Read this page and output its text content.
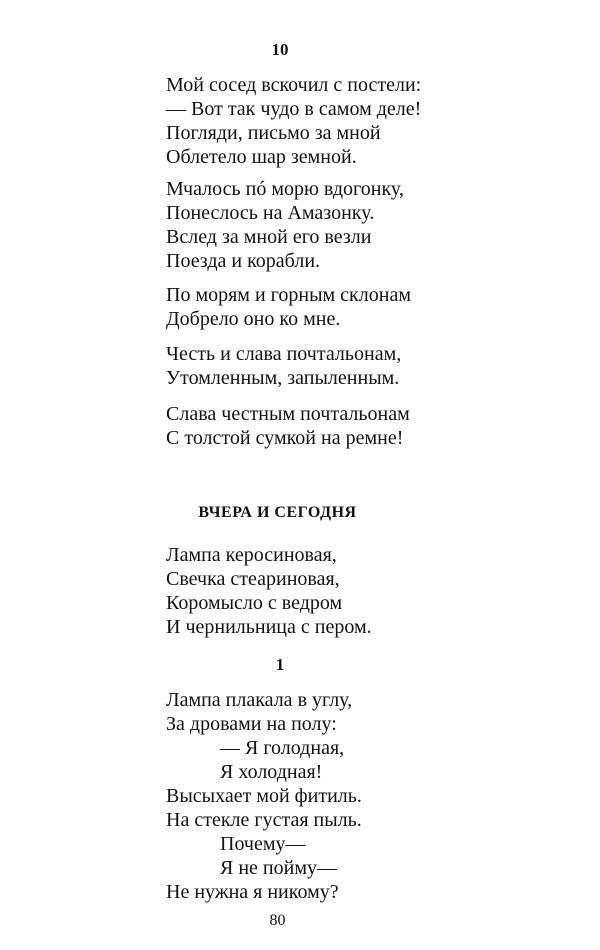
10
Мой сосед вскочил с постели:
— Вот так чудо в самом деле!
Погляди, письмо за мной
Облетело шар земной.
Мчалось пó морю вдогонку,
Понеслось на Амазонку.
Вслед за мной его везли
Поезда и корабли.
По морям и горным склонам
Добрело оно ко мне.
Честь и слава почтальонам,
Утомленным, запыленным.
Слава честным почтальонам
С толстой сумкой на ремне!
ВЧЕРА И СЕГОДНЯ
Лампа керосиновая,
Свечка стеариновая,
Коромысло с ведром
И чернильница с пером.
1
Лампа плакала в углу,
За дровами на полу:
— Я голодная,
Я холодная!
Высыхает мой фитиль.
На стекле густая пыль.
Почему—
Я не пойму—
Не нужна я никому?
80
